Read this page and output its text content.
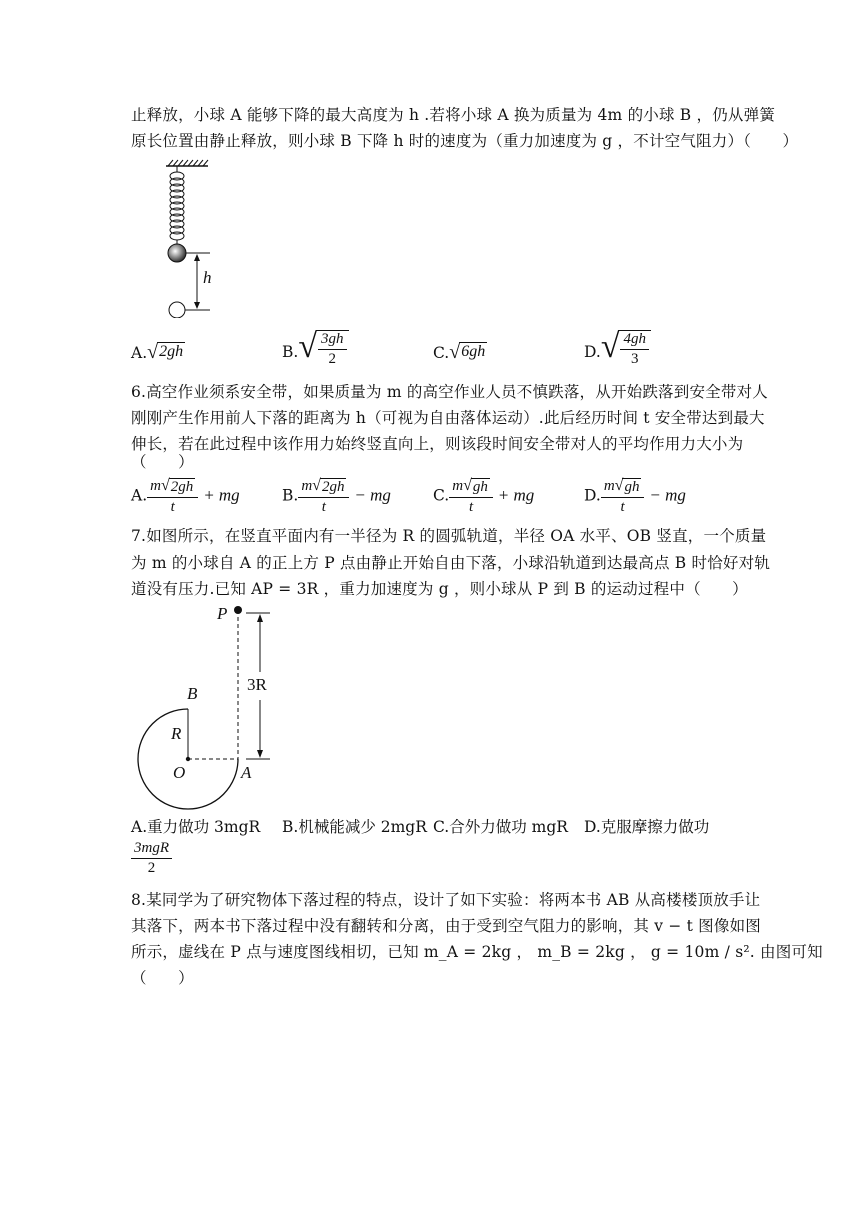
止释放，小球 A 能够下降的最大高度为 h .若将小球 A 换为质量为 4m 的小球 B ，仍从弹簧
原长位置由静止释放，则小球 B 下降 h 时的速度为（重力加速度为 g ，不计空气阻力）（　　）
h
A. √ 2gh	B. √ $\frac{3gh}{2}$	C. √ 6gh	D. √ $\frac{4gh}{3}$
6.高空作业须系安全带，如果质量为 m 的高空作业人员不慎跌落，从开始跌落到安全带对人
刚刚产生作用前人下落的距离为 h（可视为自由落体运动）.此后经历时间 t 安全带达到最大
伸长，若在此过程中该作用力始终竖直向上，则该段时间安全带对人的平均作用力大小为
（　　）
A. $\frac{m √ 2gh}{t}$ + mg	B. $\frac{m √ 2gh}{t}$ − mg	C. $\frac{m √ gh}{t}$ + mg	D. $\frac{m √ gh}{t}$ − mg
7.如图所示，在竖直平面内有一半径为 R 的圆弧轨道，半径 OA 水平、OB 竖直，一个质量
为 m 的小球自 A 的正上方 P 点由静止开始自由下落，小球沿轨道到达最高点 B 时恰好对轨
道没有压力.已知 AP = 3R ，重力加速度为 g ，则小球从 P 到 B 的运动过程中（　　）
P
B
R
O	A
3R
A.重力做功 3mgR B.机械能减少 2mgR C.合外力做功 mgR D.克服摩擦力做功
$\frac{\text{3mgR}}{2}$
8.某同学为了研究物体下落过程的特点，设计了如下实验：将两本书 AB 从高楼楼顶放手让
其落下，两本书下落过程中没有翻转和分离，由于受到空气阻力的影响，其 v − t 图像如图
所示，虚线在 P 点与速度图线相切，已知 m_A = 2kg ， m_B = 2kg ， g = 10m / s². 由图可知
（　　）
